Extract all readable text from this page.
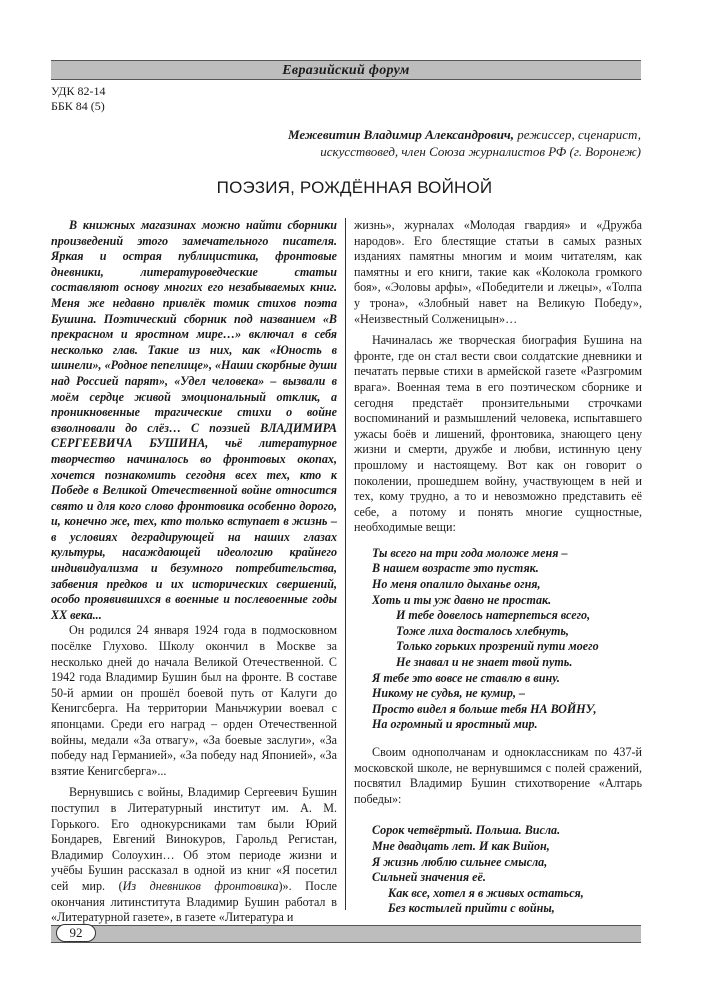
Евразийский форум
УДК 82-14
ББК 84 (5)
Межевитин Владимир Александрович, режиссер, сценарист,
искусствовед, член Союза журналистов РФ (г. Воронеж)
ПОЭЗИЯ, РОЖДЁННАЯ ВОЙНОЙ

В книжных магазинах можно найти сборники произведений этого замечательного писателя. Яркая и острая публицистика, фронтовые дневники, литературоведческие статьи составляют основу многих его незабываемых книг. Меня же недавно привлёк томик стихов поэта Бушина. Поэтический сборник под названием «В прекрасном и яростном мире…» включал в себя несколько глав. Такие из них, как «Юность в шинели», «Родное пепелище», «Наши скорбные души над Россией парят», «Удел человека» – вызвали в моём сердце живой эмоциональный отклик, а проникновенные трагические стихи о войне взволновали до слёз… С поэзией ВЛАДИМИРА СЕРГЕЕВИЧА БУШИНА, чьё литературное творчество начиналось во фронтовых окопах, хочется познакомить сегодня всех тех, кто к Победе в Великой Отечественной войне относится свято и для кого слово фронтовика особенно дорого, и, конечно же, тех, кто только вступает в жизнь – в условиях деградирующей на наших глазах культуры, насаждающей идеологию крайнего индивидуализма и безумного потребительства, забвения предков и их исторических свершений, особо проявившихся в военные и послевоенные годы XX века...

Он родился 24 января 1924 года в подмосковном посёлке Глухово. Школу окончил в Москве за несколько дней до начала Великой Отечественной. С 1942 года Владимир Бушин был на фронте. В составе 50-й армии он прошёл боевой путь от Калуги до Кенигсберга. На территории Маньчжурии воевал с японцами. Среди его наград – орден Отечественной войны, медали «За отвагу», «За боевые заслуги», «За победу над Германией», «За победу над Японией», «За взятие Кенигсберга»...

Вернувшись с войны, Владимир Сергеевич Бушин поступил в Литературный институт им. А. М. Горького. Его однокурсниками там были Юрий Бондарев, Евгений Винокуров, Гарольд Регистан, Владимир Солоухин… Об этом периоде жизни и учёбы Бушин рассказал в одной из книг «Я посетил сей мир. (Из дневников фронтовика)». После окончания литинститута Владимир Бушин работал в «Литературной газете», в газете «Литература и

жизнь», журналах «Молодая гвардия» и «Дружба народов». Его блестящие статьи в самых разных изданиях памятны многим и моим читателям, как памятны и его книги, такие как «Колокола громкого боя», «Эоловы арфы», «Победители и лжецы», «Толпа у трона», «Злобный навет на Великую Победу», «Неизвестный Солженицын»…

Начиналась же творческая биография Бушина на фронте, где он стал вести свои солдатские дневники и печатать первые стихи в армейской газете «Разгромим врага». Военная тема в его поэтическом сборнике и сегодня предстаёт пронзительными строчками воспоминаний и размышлений человека, испытавшего ужасы боёв и лишений, фронтовика, знающего цену жизни и смерти, дружбе и любви, истинную цену прошлому и настоящему. Вот как он говорит о поколении, прошедшем войну, участвующем в ней и тех, кому трудно, а то и невозможно представить её себе, а потому и понять многие сущностные, необходимые вещи:

Ты всего на три года моложе меня –
В нашем возрасте это пустяк.
Но меня опалило дыханье огня,
Хоть и ты уж давно не простак.
И тебе довелось натерпеться всего,
Тоже лиха досталось хлебнуть,
Только горьких прозрений пути моего
Не знавал и не знает твой путь.
Я тебе это вовсе не ставлю в вину.
Никому не судья, не кумир, –
Просто видел я больше тебя НА ВОЙНУ,
На огромный и яростный мир.

Своим однополчанам и одноклассникам по 437-й московской школе, не вернувшимся с полей сражений, посвятил Владимир Бушин стихотворение «Алтарь победы»:

Сорок четвёртый. Польша. Висла.
Мне двадцать лет. И как Вийон,
Я жизнь люблю сильнее смысла,
Сильней значения её.
Как все, хотел я в живых остаться,
Без костылей прийти с войны,
92
